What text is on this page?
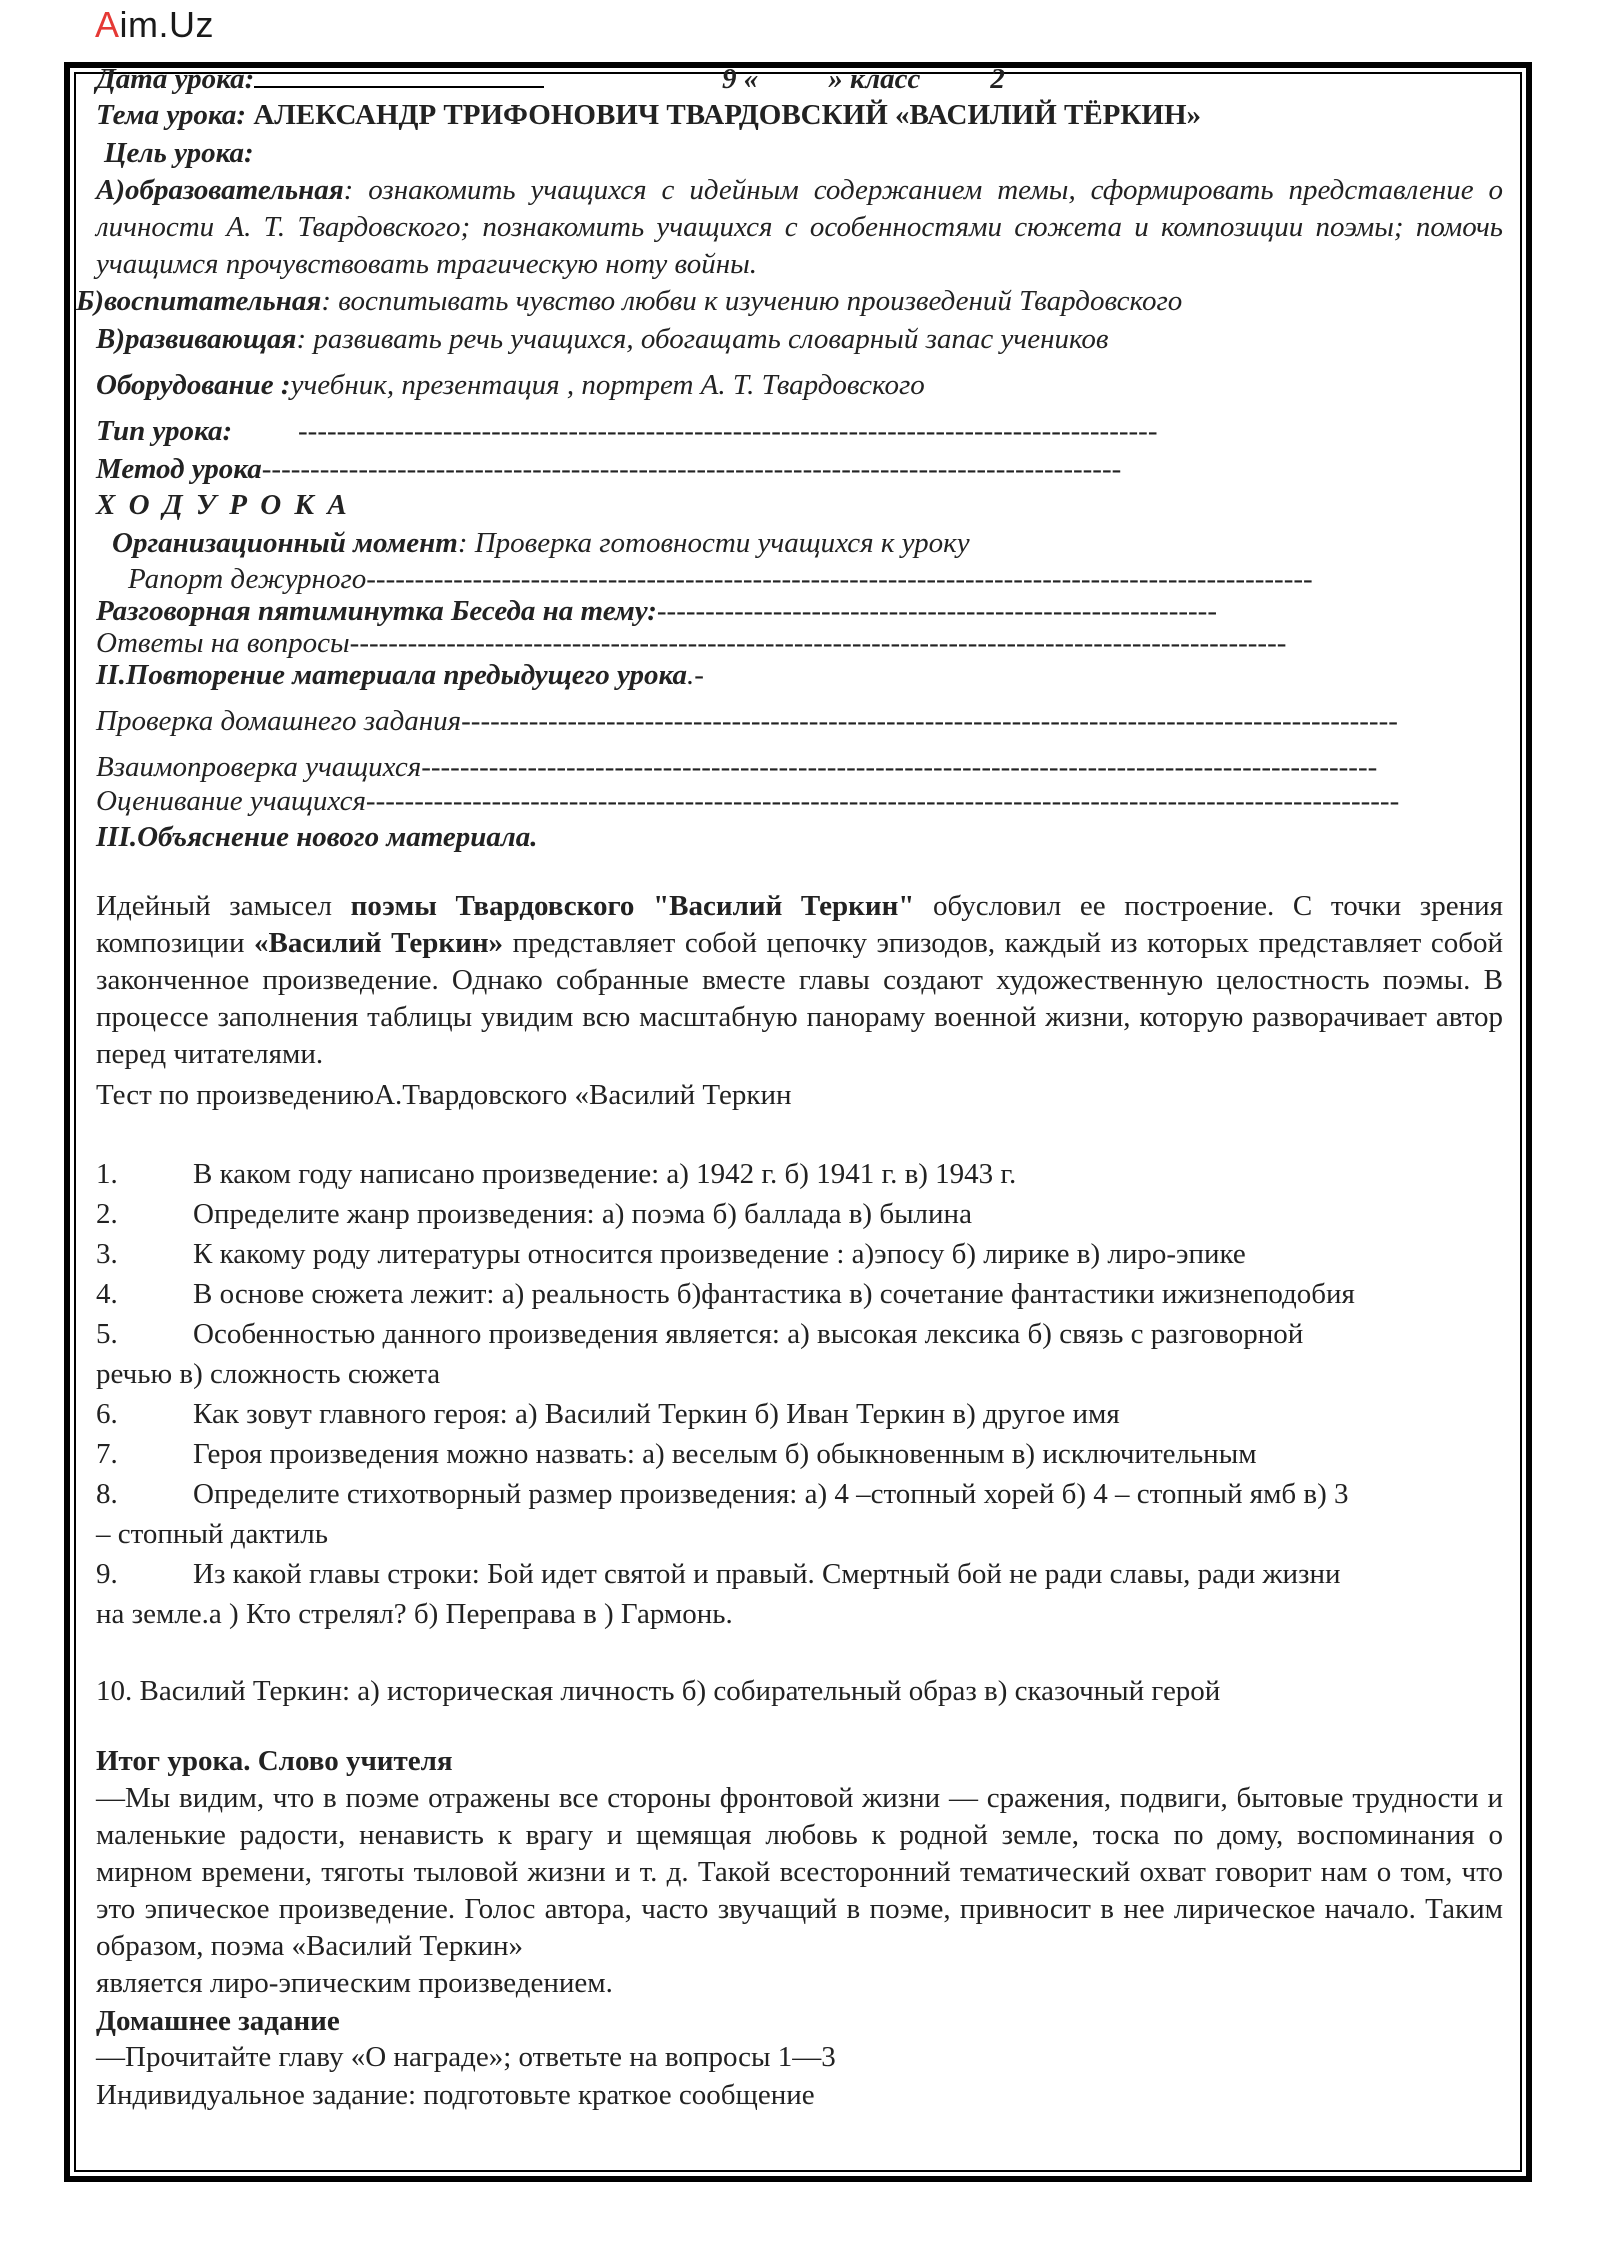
Aim.Uz
Дата урока:	9 « » класс 2
Тема урока: АЛЕКСАНДР ТРИФОНОВИЧ ТВАРДОВСКИЙ «ВАСИЛИЙ ТЁРКИН»
Цель урока:
А)образовательная: ознакомить учащихся с идейным содержанием темы, сформировать представление о личности А. Т. Твардовского; познакомить учащихся с особенностями сюжета и композиции поэмы; помочь учащимся прочувствовать трагическую ноту войны.
Б)воспитательная: воспитывать чувство любви к изучению произведений Твардовского
В)развивающая: развивать речь учащихся, обогащать словарный запас учеников
Оборудование :учебник, презентация , портрет А. Т. Твардовского
Тип урока: -----------------------------------------------------------------------------------------
Метод урока-----------------------------------------------------------------------------------------
Х О Д У Р О К А
Организационный момент: Проверка готовности учащихся к уроку
Рапорт дежурного--------------------------------------------------------------------------------------------------
Разговорная пятиминутка Беседа на тему:----------------------------------------------------------
Ответы на вопросы-------------------------------------------------------------------------------------------------
II.Повторение материала предыдущего урока.-
Проверка домашнего задания-------------------------------------------------------------------------------------------------
Взаимопроверка учащихся---------------------------------------------------------------------------------------------------
Оценивание учащихся-----------------------------------------------------------------------------------------------------------
III.Объяснение нового материала.
Идейный замысел поэмы Твардовского "Василий Теркин" обусловил ее построение. С точки зрения композиции «Василий Теркин» представляет собой цепочку эпизодов, каждый из которых представляет собой законченное произведение. Однако собранные вместе главы создают художественную целостность поэмы. В процессе заполнения таблицы увидим всю масштабную панораму военной жизни, которую разворачивает автор перед читателями.
Тест по произведениюА.Твардовского «Василий Теркин
1.	В каком году написано произведение: а) 1942 г. б) 1941 г. в) 1943 г.
2.	Определите жанр произведения: а) поэма б) баллада в) былина
3.	К какому роду литературы относится произведение : а)эпосу б) лирике в) лиро-эпике
4.	В основе сюжета лежит: а) реальность б)фантастика в) сочетание фантастики ижизнеподобия
5.	Особенностью данного произведения является: а) высокая лексика б) связь с разговорной
речью в) сложность сюжета
6.	Как зовут главного героя: а) Василий Теркин б) Иван Теркин в) другое имя
7.	Героя произведения можно назвать: а) веселым б) обыкновенным в) исключительным
8.	Определите стихотворный размер произведения: а) 4 –стопный хорей б) 4 – стопный ямб в) 3
– стопный дактиль
9.	Из какой главы строки: Бой идет святой и правый. Смертный бой не ради славы, ради жизни
на земле.а ) Кто стрелял? б) Переправа в ) Гармонь.
10. Василий Теркин: а) историческая личность б) собирательный образ в) сказочный герой
Итог урока. Слово учителя
—Мы видим, что в поэме отражены все стороны фронтовой жизни — сражения, подвиги, бытовые трудности и маленькие радости, ненависть к врагу и щемящая любовь к родной земле, тоска по дому, воспоминания о мирном времени, тяготы тыловой жизни и т. д. Такой всесторонний тематический охват говорит нам о том, что это эпическое произведение. Голос автора, часто звучащий в поэме, привносит в нее лирическое начало. Таким образом, поэма «Василий Теркин»
является лиро-эпическим произведением.
Домашнее задание
—Прочитайте главу «О награде»; ответьте на вопросы 1—3
Индивидуальное задание: подготовьте краткое сообщение
